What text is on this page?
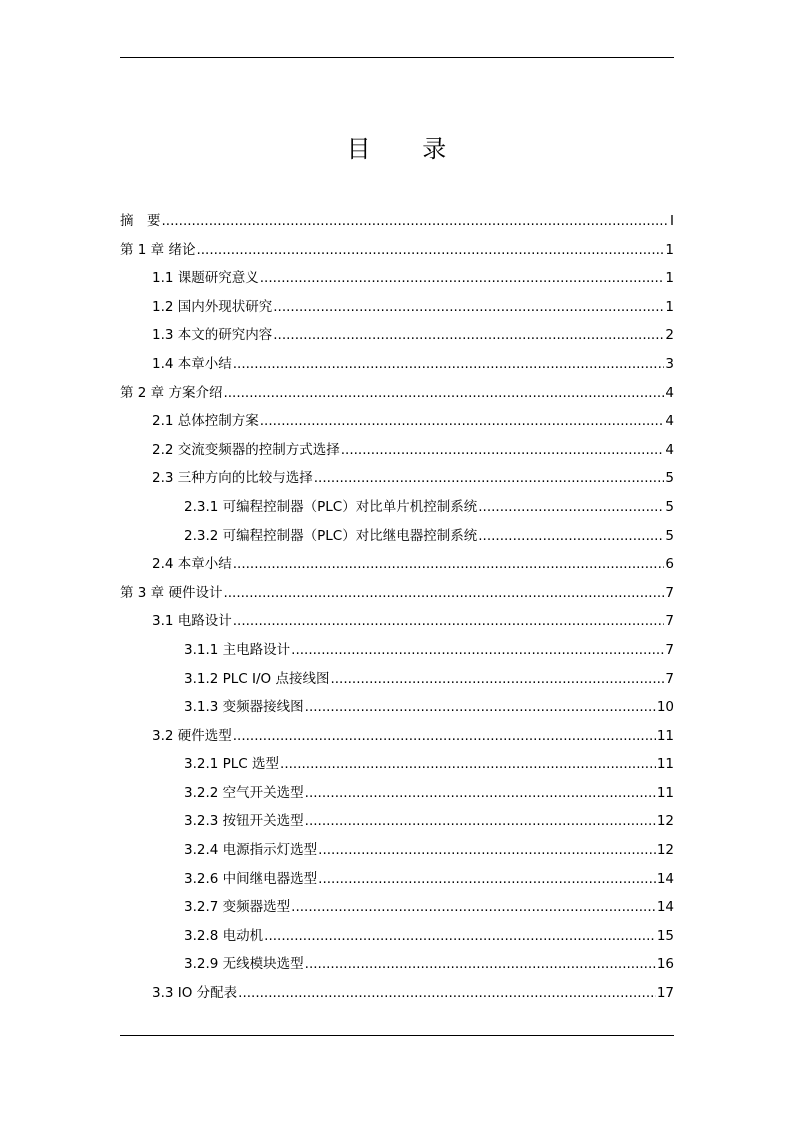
目 录
摘　要 .....	I
第 1 章 绪论 .....	1
1.1 课题研究意义 .....	1
1.2 国内外现状研究 .....	1
1.3 本文的研究内容 .....	2
1.4 本章小结 .....	3
第 2 章 方案介绍 .....	4
2.1 总体控制方案 .....	4
2.2 交流变频器的控制方式选择 .....	4
2.3 三种方向的比较与选择 .....	5
2.3.1 可编程控制器（PLC）对比单片机控制系统 .....	5
2.3.2 可编程控制器（PLC）对比继电器控制系统 .....	5
2.4 本章小结 .....	6
第 3 章 硬件设计 .....	7
3.1 电路设计 .....	7
3.1.1 主电路设计 .....	7
3.1.2 PLC I/O 点接线图 .....	7
3.1.3 变频器接线图 .....	10
3.2 硬件选型 .....	11
3.2.1 PLC 选型 .....	11
3.2.2 空气开关选型 .....	11
3.2.3 按钮开关选型 .....	12
3.2.4 电源指示灯选型 .....	12
3.2.6 中间继电器选型 .....	14
3.2.7 变频器选型 .....	14
3.2.8 电动机 .....	15
3.2.9 无线模块选型 .....	16
3.3 IO 分配表 .....	17
